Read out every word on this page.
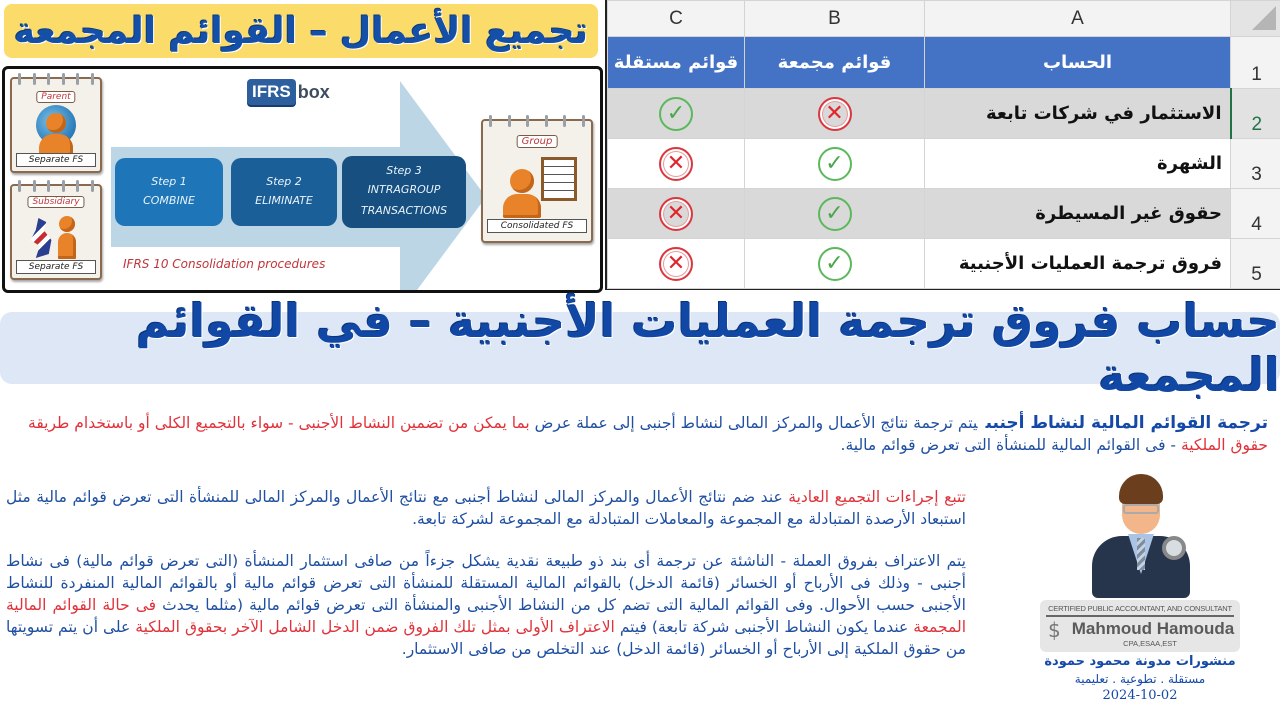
تجميع الأعمال – القوائم المجمعة
IFRS box
Step 1
COMBINE
Step 2
ELIMINATE
Step 3
INTRAGROUP TRANSACTIONS
IFRS 10 Consolidation procedures
Parent
Separate FS
Subsidiary
Separate FS
Group
Consolidated FS
C	B	A	
قوائم مستقلة	قوائم مجمعة	الحساب	1
✓	✕	الاستثمار في شركات تابعة	2
✕	✓	الشهرة	3
✕	✓	حقوق غير المسيطرة	4
✕	✓	فروق ترجمة العمليات الأجنبية	5
حساب فروق ترجمة العمليات الأجنبية – في القوائم المجمعة

ترجمة القوائم المالية لنشاط أجنبىيتم ترجمة نتائج الأعمال والمركز المالى لنشاط أجنبى إلى عملة عرض بما يمكن من تضمين النشاط الأجنبى - سواء بالتجميع الكلى أو باستخدام طريقة حقوق الملكية - فى القوائم المالية للمنشأة التى تعرض قوائم مالية.

تتبع إجراءات التجميع العادية عند ضم نتائج الأعمال والمركز المالى لنشاط أجنبى مع نتائج الأعمال والمركز المالى للمنشأة التى تعرض قوائم مالية مثل استبعاد الأرصدة المتبادلة مع المجموعة والمعاملات المتبادلة مع المجموعة لشركة تابعة.

يتم الاعتراف بفروق العملة - الناشئة عن ترجمة أى بند ذو طبيعة نقدية يشكل جزءاً من صافى استثمار المنشأة (التى تعرض قوائم مالية) فى نشاط أجنبى - وذلك فى الأرباح أو الخسائر (قائمة الدخل) بالقوائم المالية المستقلة للمنشأة التى تعرض قوائم مالية أو بالقوائم المالية المنفردة للنشاط الأجنبى حسب الأحوال. وفى القوائم المالية التى تضم كل من النشاط الأجنبى والمنشأة التى تعرض قوائم مالية (مثلما يحدث فى حالة القوائم المالية المجمعة عندما يكون النشاط الأجنبى شركة تابعة) فيتم الاعتراف الأولى بمثل تلك الفروق ضمن الدخل الشامل الآخر بحقوق الملكية على أن يتم تسويتها من حقوق الملكية إلى الأرباح أو الخسائر (قائمة الدخل) عند التخلص من صافى الاستثمار.

CERTIFIED PUBLIC ACCOUNTANT, AND CONSULTANT
$ Mahmoud Hamouda
CPA,ESAA,EST
منشورات مدونة محمود حمودة
مستقلة . تطوعية . تعليمية
2024-10-02
